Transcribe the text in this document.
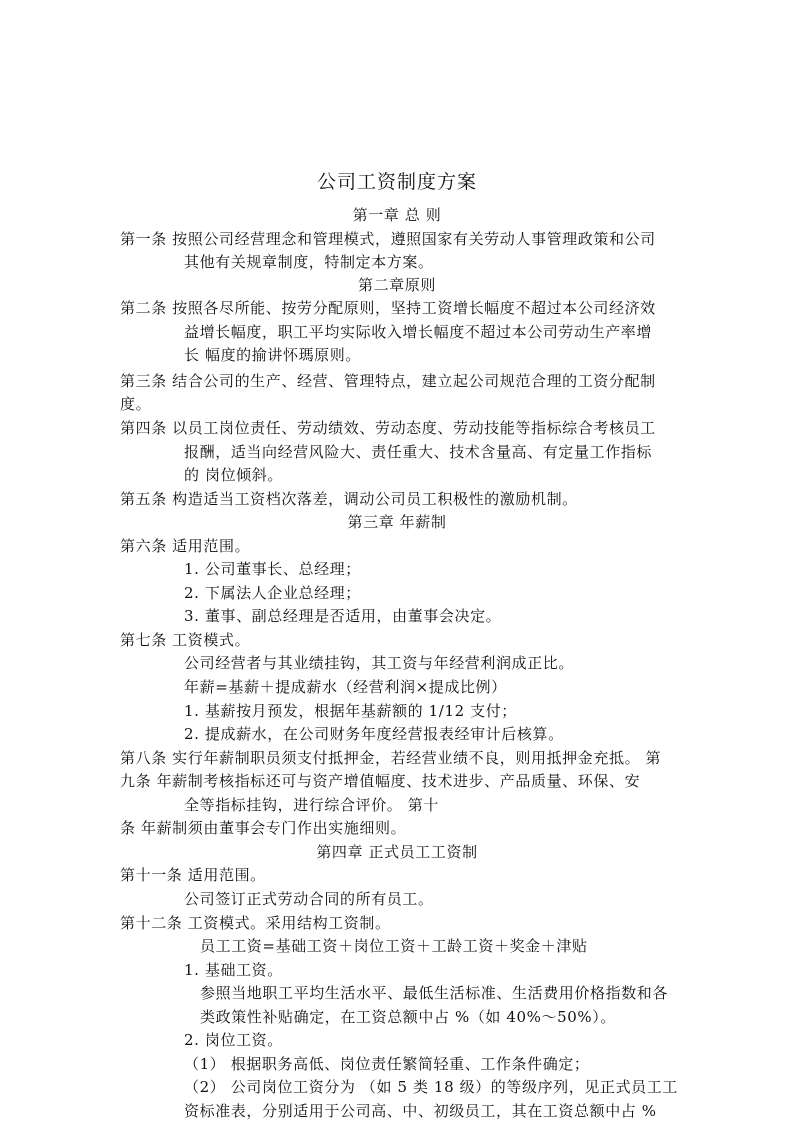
公司工资制度方案
第一章 总 则
第一条 按照公司经营理念和管理模式，遵照国家有关劳动人事管理政策和公司
其他有关规章制度，特制定本方案。
第二章原则
第二条 按照各尽所能、按劳分配原则，坚持工资增长幅度不超过本公司经济效
益增长幅度，职工平均实际收入增长幅度不超过本公司劳动生产率增
长 幅度的揄讲怀瑪原则。
第三条 结合公司的生产、经营、管理特点，建立起公司规范合理的工资分配制
度。
第四条 以员工岗位责任、劳动绩效、劳动态度、劳动技能等指标综合考核员工
报酬，适当向经营风险大、责任重大、技术含量高、有定量工作指标
的 岗位倾斜。
第五条 构造适当工资档次落差，调动公司员工积极性的激励机制。
第三章 年薪制
第六条 适用范围。
1. 公司董事长、总经理；
2. 下属法人企业总经理；
3. 董事、副总经理是否适用，由董事会决定。
第七条 工资模式。
公司经营者与其业绩挂钩，其工资与年经营利润成正比。
年薪=基薪＋提成薪水（经营利润×提成比例）
1. 基薪按月预发，根据年基薪额的 1/12 支付；
2. 提成薪水，在公司财务年度经营报表经审计后核算。
第八条 实行年薪制职员须支付抵押金，若经营业绩不良，则用抵押金充抵。 第
九条 年薪制考核指标还可与资产增值幅度、技术进步、产品质量、环保、安
全等指标挂钩，进行综合评价。 第十
条 年薪制须由董事会专门作出实施细则。
第四章 正式员工工资制
第十一条 适用范围。
公司签订正式劳动合同的所有员工。
第十二条 工资模式。采用结构工资制。
员工工资=基础工资＋岗位工资＋工龄工资＋奖金＋津贴
1. 基础工资。
参照当地职工平均生活水平、最低生活标准、生活费用价格指数和各
类政策性补贴确定，在工资总额中占 %（如 40%～50%）。
2. 岗位工资。
（1） 根据职务高低、岗位责任繁简轻重、工作条件确定；
（2） 公司岗位工资分为 （如 5 类 18 级）的等级序列，见正式员工工
资标准表，分别适用于公司高、中、初级员工，其在工资总额中占 %
